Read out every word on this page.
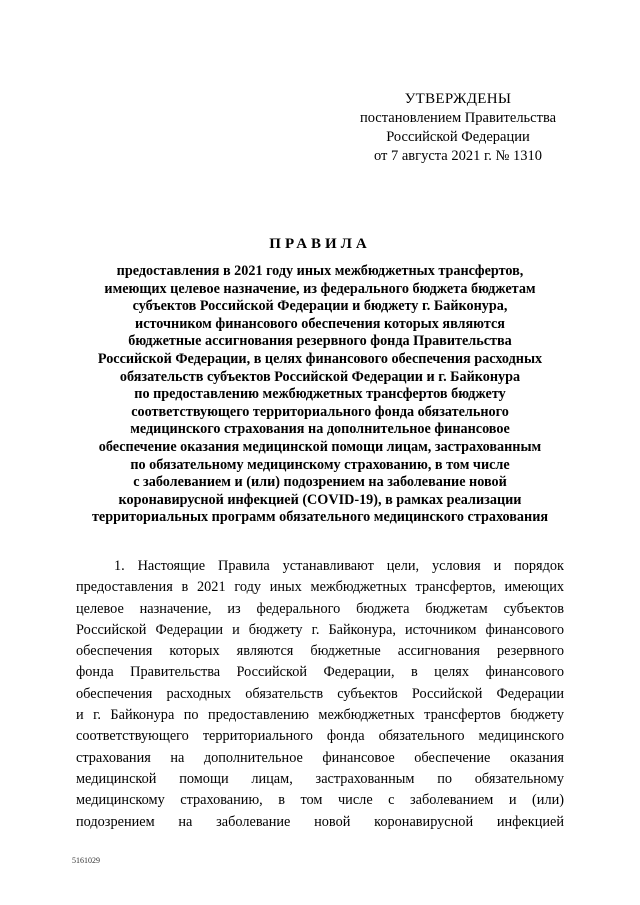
УТВЕРЖДЕНЫ
постановлением Правительства
Российской Федерации
от 7 августа 2021 г. № 1310
ПРАВИЛА
предоставления в 2021 году иных межбюджетных трансфертов,
имеющих целевое назначение, из федерального бюджета бюджетам
субъектов Российской Федерации и бюджету г. Байконура,
источником финансового обеспечения которых являются
бюджетные ассигнования резервного фонда Правительства
Российской Федерации, в целях финансового обеспечения расходных
обязательств субъектов Российской Федерации и г. Байконура
по предоставлению межбюджетных трансфертов бюджету
соответствующего территориального фонда обязательного
медицинского страхования на дополнительное финансовое
обеспечение оказания медицинской помощи лицам, застрахованным
по обязательному медицинскому страхованию, в том числе
с заболеванием и (или) подозрением на заболевание новой
коронавирусной инфекцией (COVID-19), в рамках реализации
территориальных программ обязательного медицинского страхования
1. Настоящие Правила устанавливают цели, условия и порядок
предоставления в 2021 году иных межбюджетных трансфертов, имеющих
целевое назначение, из федерального бюджета бюджетам субъектов
Российской Федерации и бюджету г. Байконура, источником финансового
обеспечения которых являются бюджетные ассигнования резервного
фонда Правительства Российской Федерации, в целях финансового
обеспечения расходных обязательств субъектов Российской Федерации
и г. Байконура по предоставлению межбюджетных трансфертов бюджету
соответствующего территориального фонда обязательного медицинского
страхования на дополнительное финансовое обеспечение оказания
медицинской помощи лицам, застрахованным по обязательному
медицинскому страхованию, в том числе с заболеванием и (или)
подозрением на заболевание новой коронавирусной инфекцией
5161029
